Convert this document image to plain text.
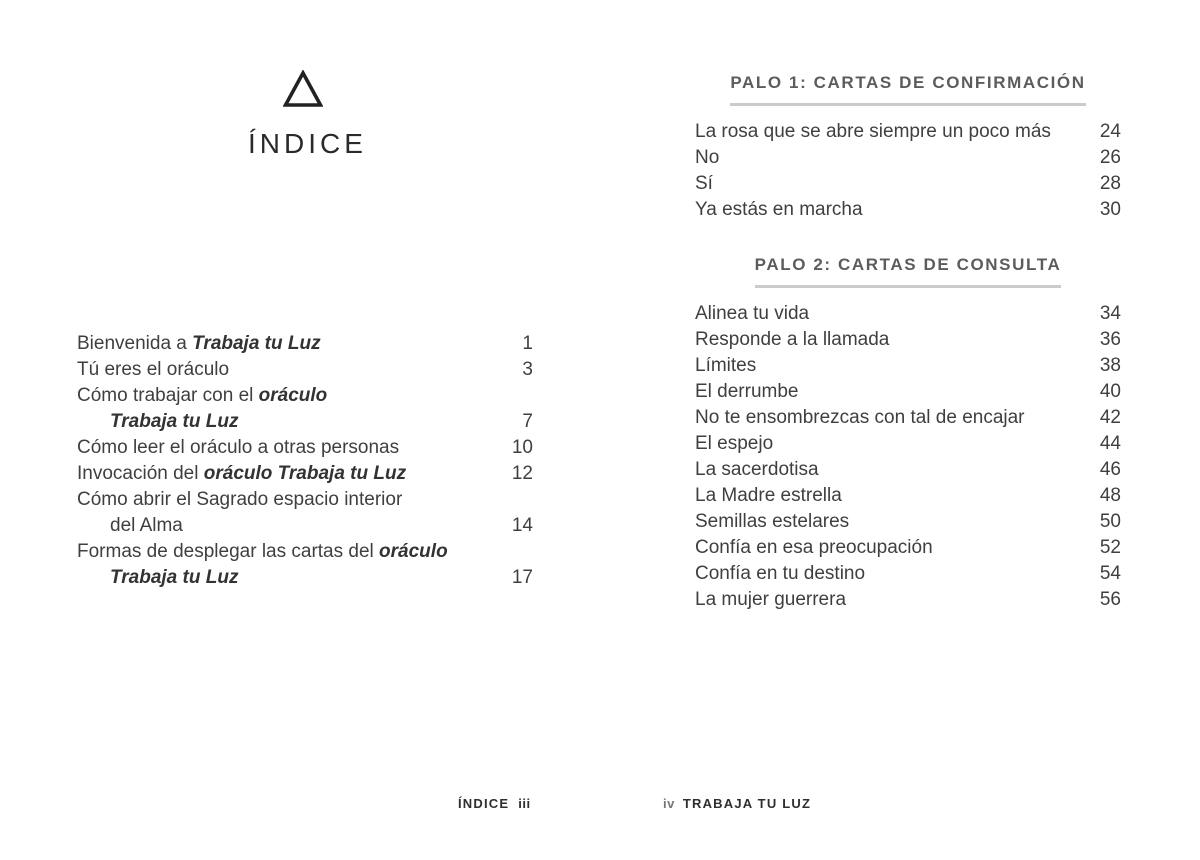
ÍNDICE
Bienvenida a Trabaja tu Luz	1
Tú eres el oráculo	3
Cómo trabajar con el oráculo
Trabaja tu Luz	7
Cómo leer el oráculo a otras personas	10
Invocación del oráculo Trabaja tu Luz	12
Cómo abrir el Sagrado espacio interior
del Alma	14
Formas de desplegar las cartas del oráculo
Trabaja tu Luz	17
PALO 1: CARTAS DE CONFIRMACIÓN
La rosa que se abre siempre un poco más	24
No	26
Sí	28
Ya estás en marcha	30
PALO 2: CARTAS DE CONSULTA
Alinea tu vida	34
Responde a la llamada	36
Límites	38
El derrumbe	40
No te ensombrezcas con tal de encajar	42
El espejo	44
La sacerdotisa	46
La Madre estrella	48
Semillas estelares	50
Confía en esa preocupación	52
Confía en tu destino	54
La mujer guerrera	56
ÍNDICE iii	iv TRABAJA TU LUZ
